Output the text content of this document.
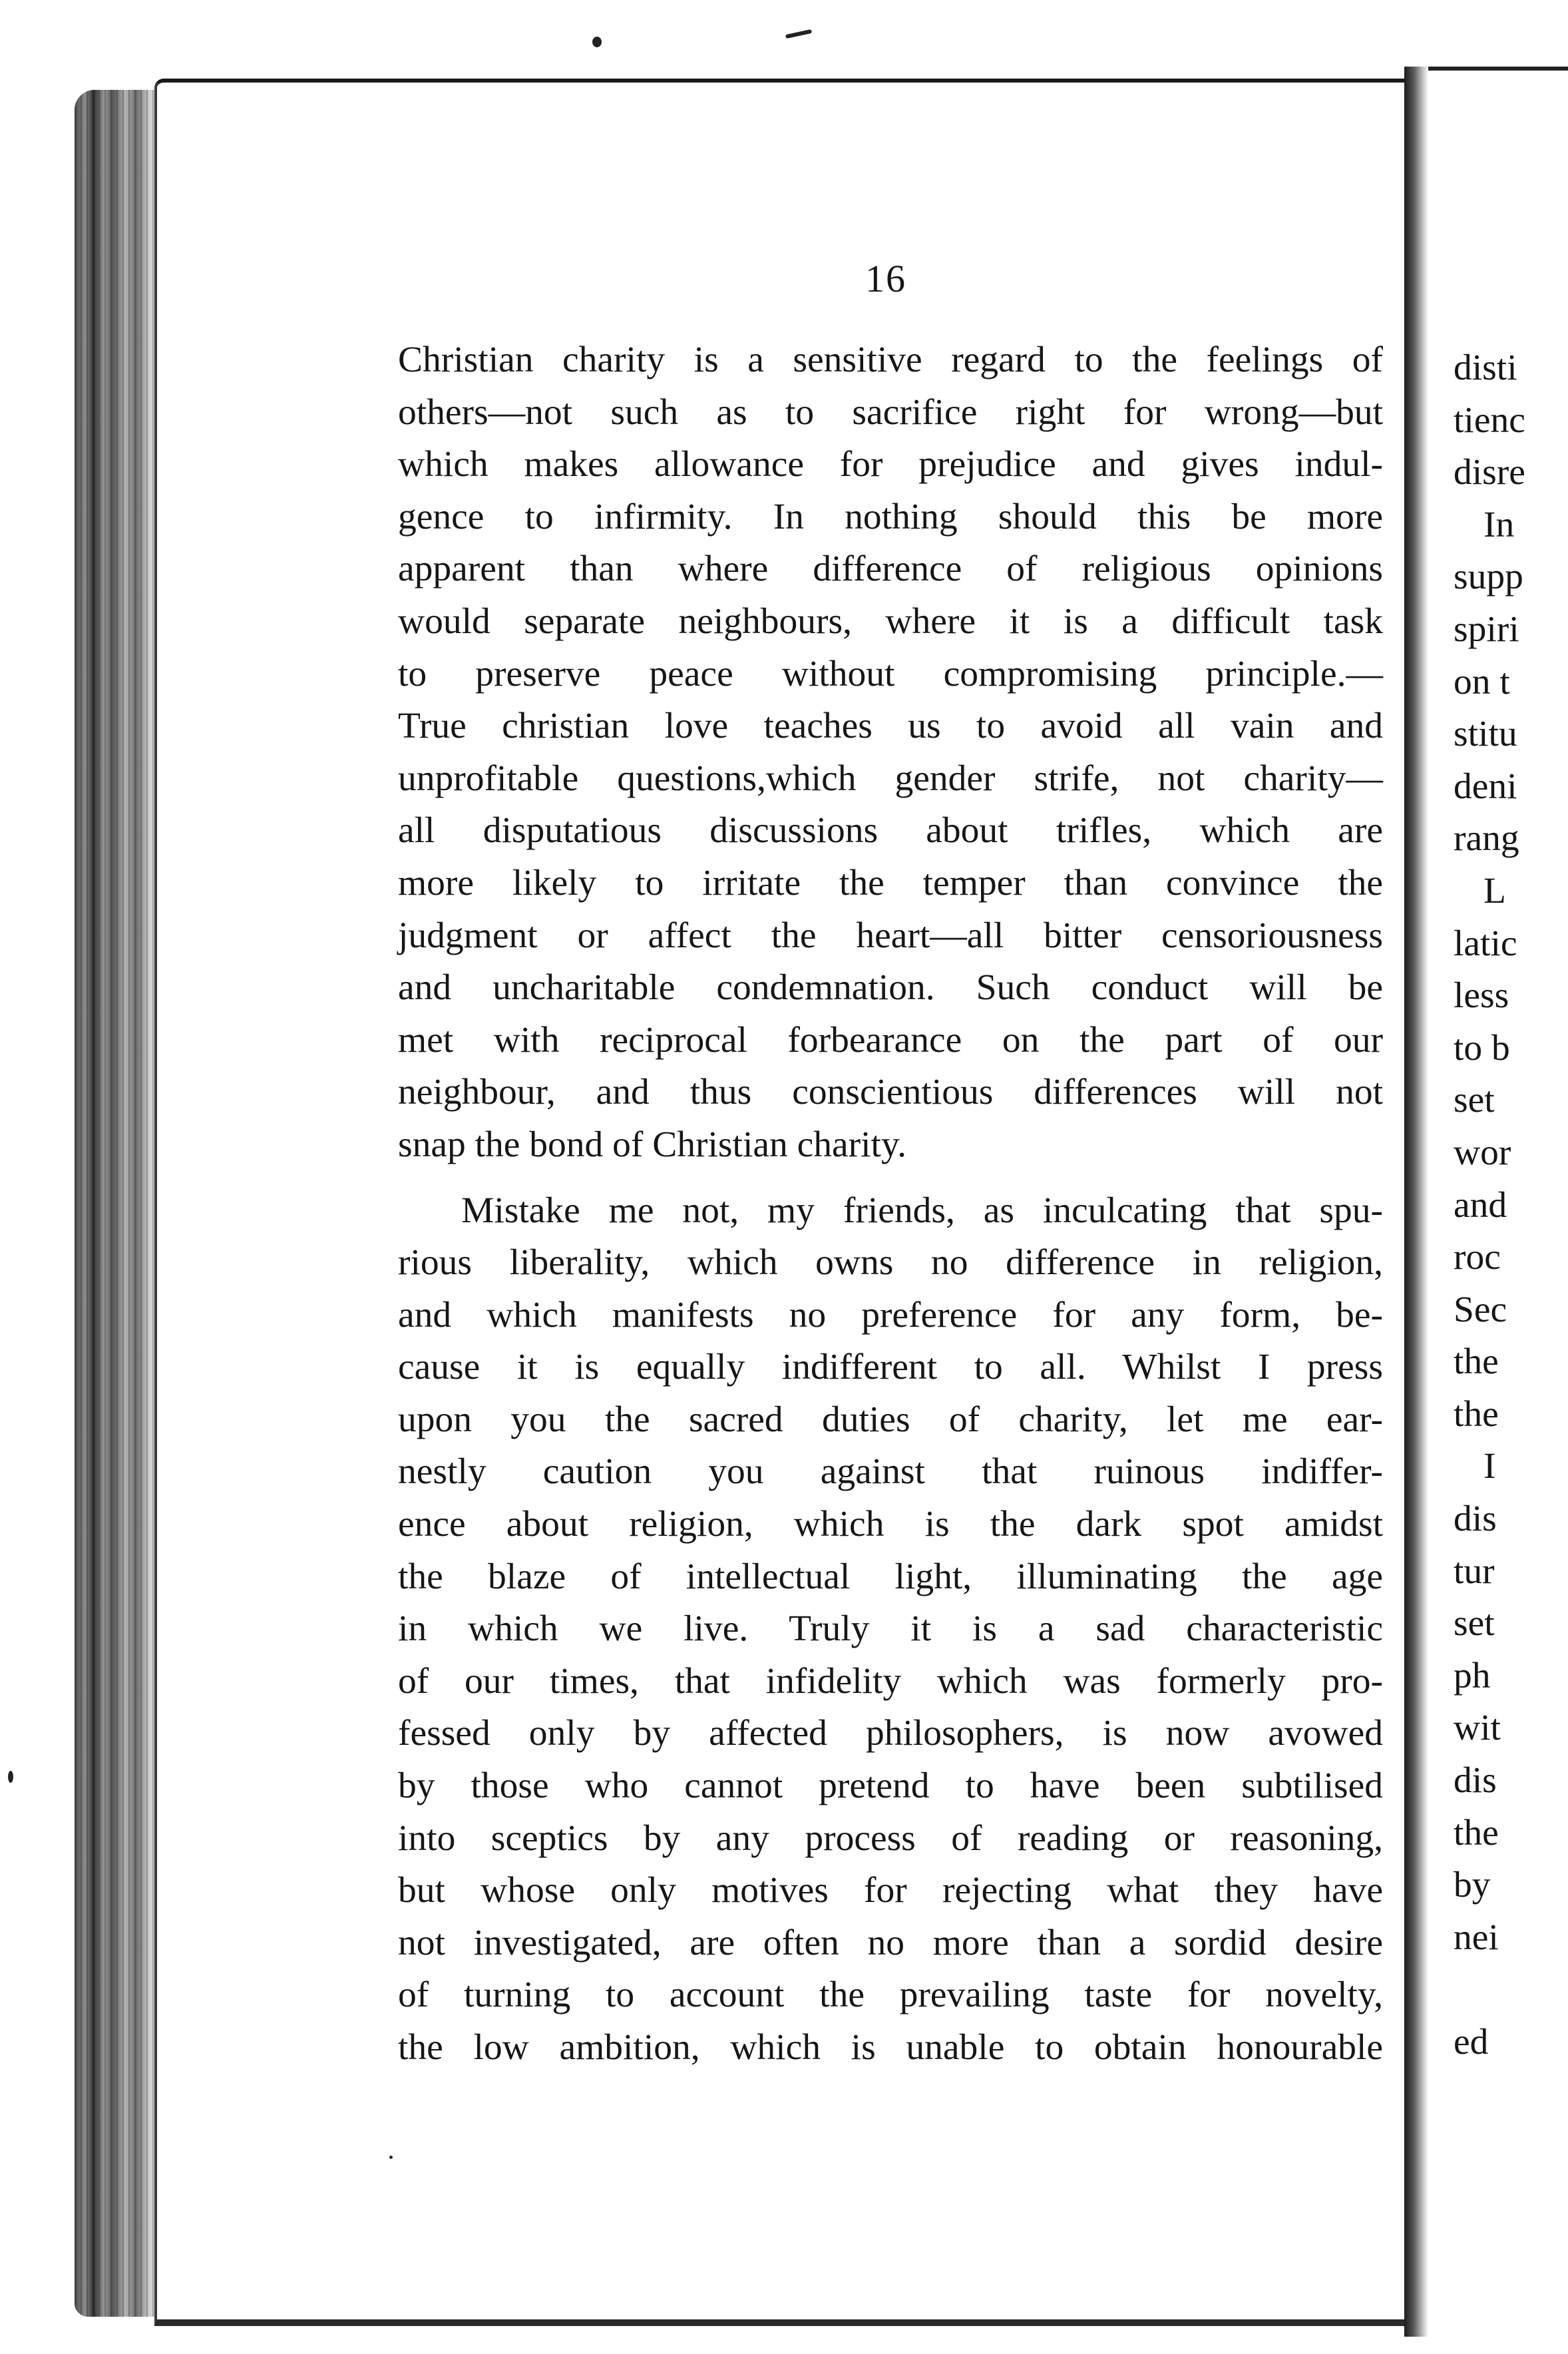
disti
tienc
disre
In
supp
spiri
on t
stitu
deni
rang
L
latic
less
to b
set
wor
and
roc
Sec
the
the
I
dis
tur
set
ph
wit
dis
the
by
nei
ed
16
Christian charity is a sensitive regard to the feelings of
others—not such as to sacrifice right for wrong—but
which makes allowance for prejudice and gives indul-
gence to infirmity. In nothing should this be more
apparent than where difference of religious opinions
would separate neighbours, where it is a difficult task
to preserve peace without compromising principle.—
True christian love teaches us to avoid all vain and
unprofitable questions,which gender strife, not charity—
all disputatious discussions about trifles, which are
more likely to irritate the temper than convince the
judgment or affect the heart—all bitter censoriousness
and uncharitable condemnation. Such conduct will be
met with reciprocal forbearance on the part of our
neighbour, and thus conscientious differences will not
snap the bond of Christian charity.
Mistake me not, my friends, as inculcating that spu-
rious liberality, which owns no difference in religion,
and which manifests no preference for any form, be-
cause it is equally indifferent to all. Whilst I press
upon you the sacred duties of charity, let me ear-
nestly caution you against that ruinous indiffer-
ence about religion, which is the dark spot amidst
the blaze of intellectual light, illuminating the age
in which we live. Truly it is a sad characteristic
of our times, that infidelity which was formerly pro-
fessed only by affected philosophers, is now avowed
by those who cannot pretend to have been subtilised
into sceptics by any process of reading or reasoning,
but whose only motives for rejecting what they have
not investigated, are often no more than a sordid desire
of turning to account the prevailing taste for novelty,
the low ambition, which is unable to obtain honourable
